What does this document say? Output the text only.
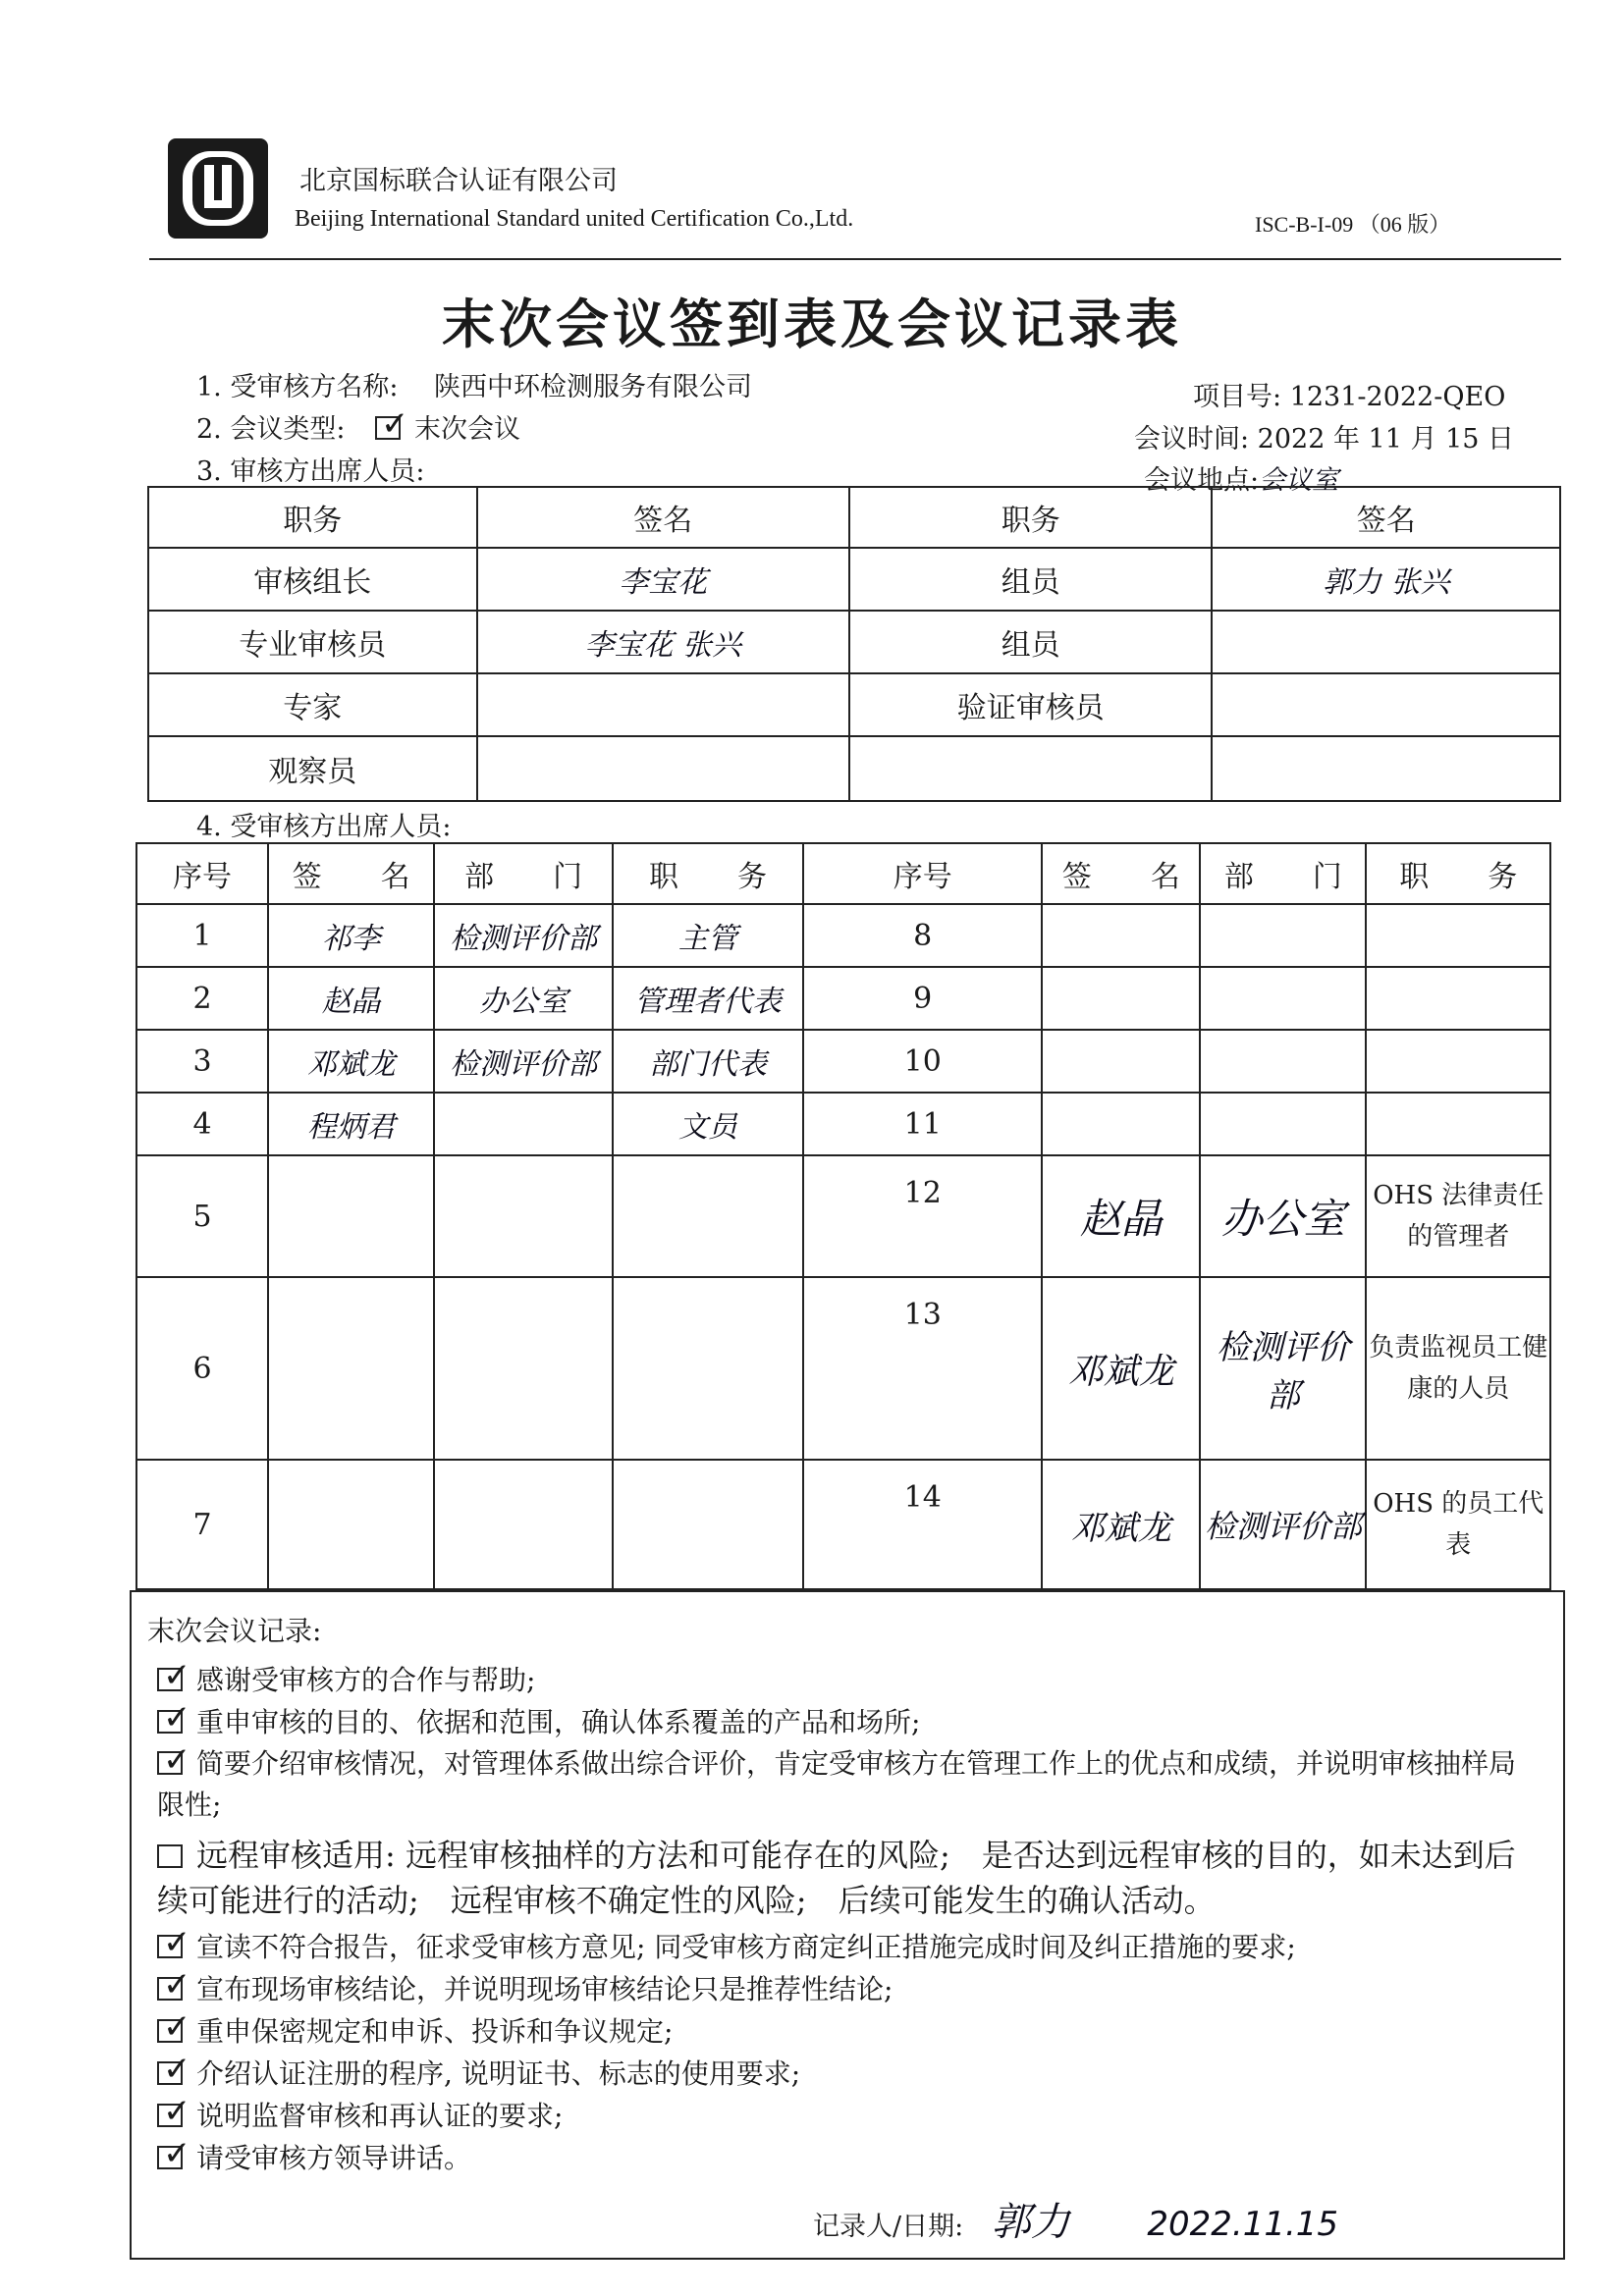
北京国标联合认证有限公司
Beijing International Standard united Certification Co.,Ltd.	ISC-B-I-09 （06 版）
末次会议签到表及会议记录表
1. 受审核方名称: 陕西中环检测服务有限公司
2. 会议类型: ✓ 末次会议
3. 审核方出席人员:
项目号: 1231-2022-QEO
会议时间: 2022 年 11 月 15 日
会议地点:会议室
职务	签名	职务	签名
审核组长	李宝花	组员	郭力 张兴
专业审核员	李宝花 张兴	组员	
专家		验证审核员	
观察员			
4. 受审核方出席人员:
序号	签　　名	部　　门	职　　务	序号	签　　名	部　　门	职　　务
1	祁李	检测评价部	主管	8			
2	赵晶	办公室	管理者代表	9			
3	邓斌龙	检测评价部	部门代表	10			
4	程炳君		文员	11			
5				12	赵晶	办公室	OHS 法律责任的管理者
6				13	邓斌龙	检测评价部	负责监视员工健康的人员
7				14	邓斌龙	检测评价部	OHS 的员工代表
末次会议记录:
✓ 感谢受审核方的合作与帮助;
✓ 重申审核的目的、依据和范围，确认体系覆盖的产品和场所;
✓ 简要介绍审核情况，对管理体系做出综合评价，肯定受审核方在管理工作上的优点和成绩，并说明审核抽样局限性;
远程审核适用: 远程审核抽样的方法和可能存在的风险;　是否达到远程审核的目的，如未达到后续可能进行的活动;　远程审核不确定性的风险;　后续可能发生的确认活动。
✓ 宣读不符合报告，征求受审核方意见; 同受审核方商定纠正措施完成时间及纠正措施的要求;
✓ 宣布现场审核结论，并说明现场审核结论只是推荐性结论;
✓ 重申保密规定和申诉、投诉和争议规定;
✓ 介绍认证注册的程序, 说明证书、标志的使用要求;
✓ 说明监督审核和再认证的要求;
✓ 请受审核方领导讲话。
记录人/日期: 郭力 2022.11.15
